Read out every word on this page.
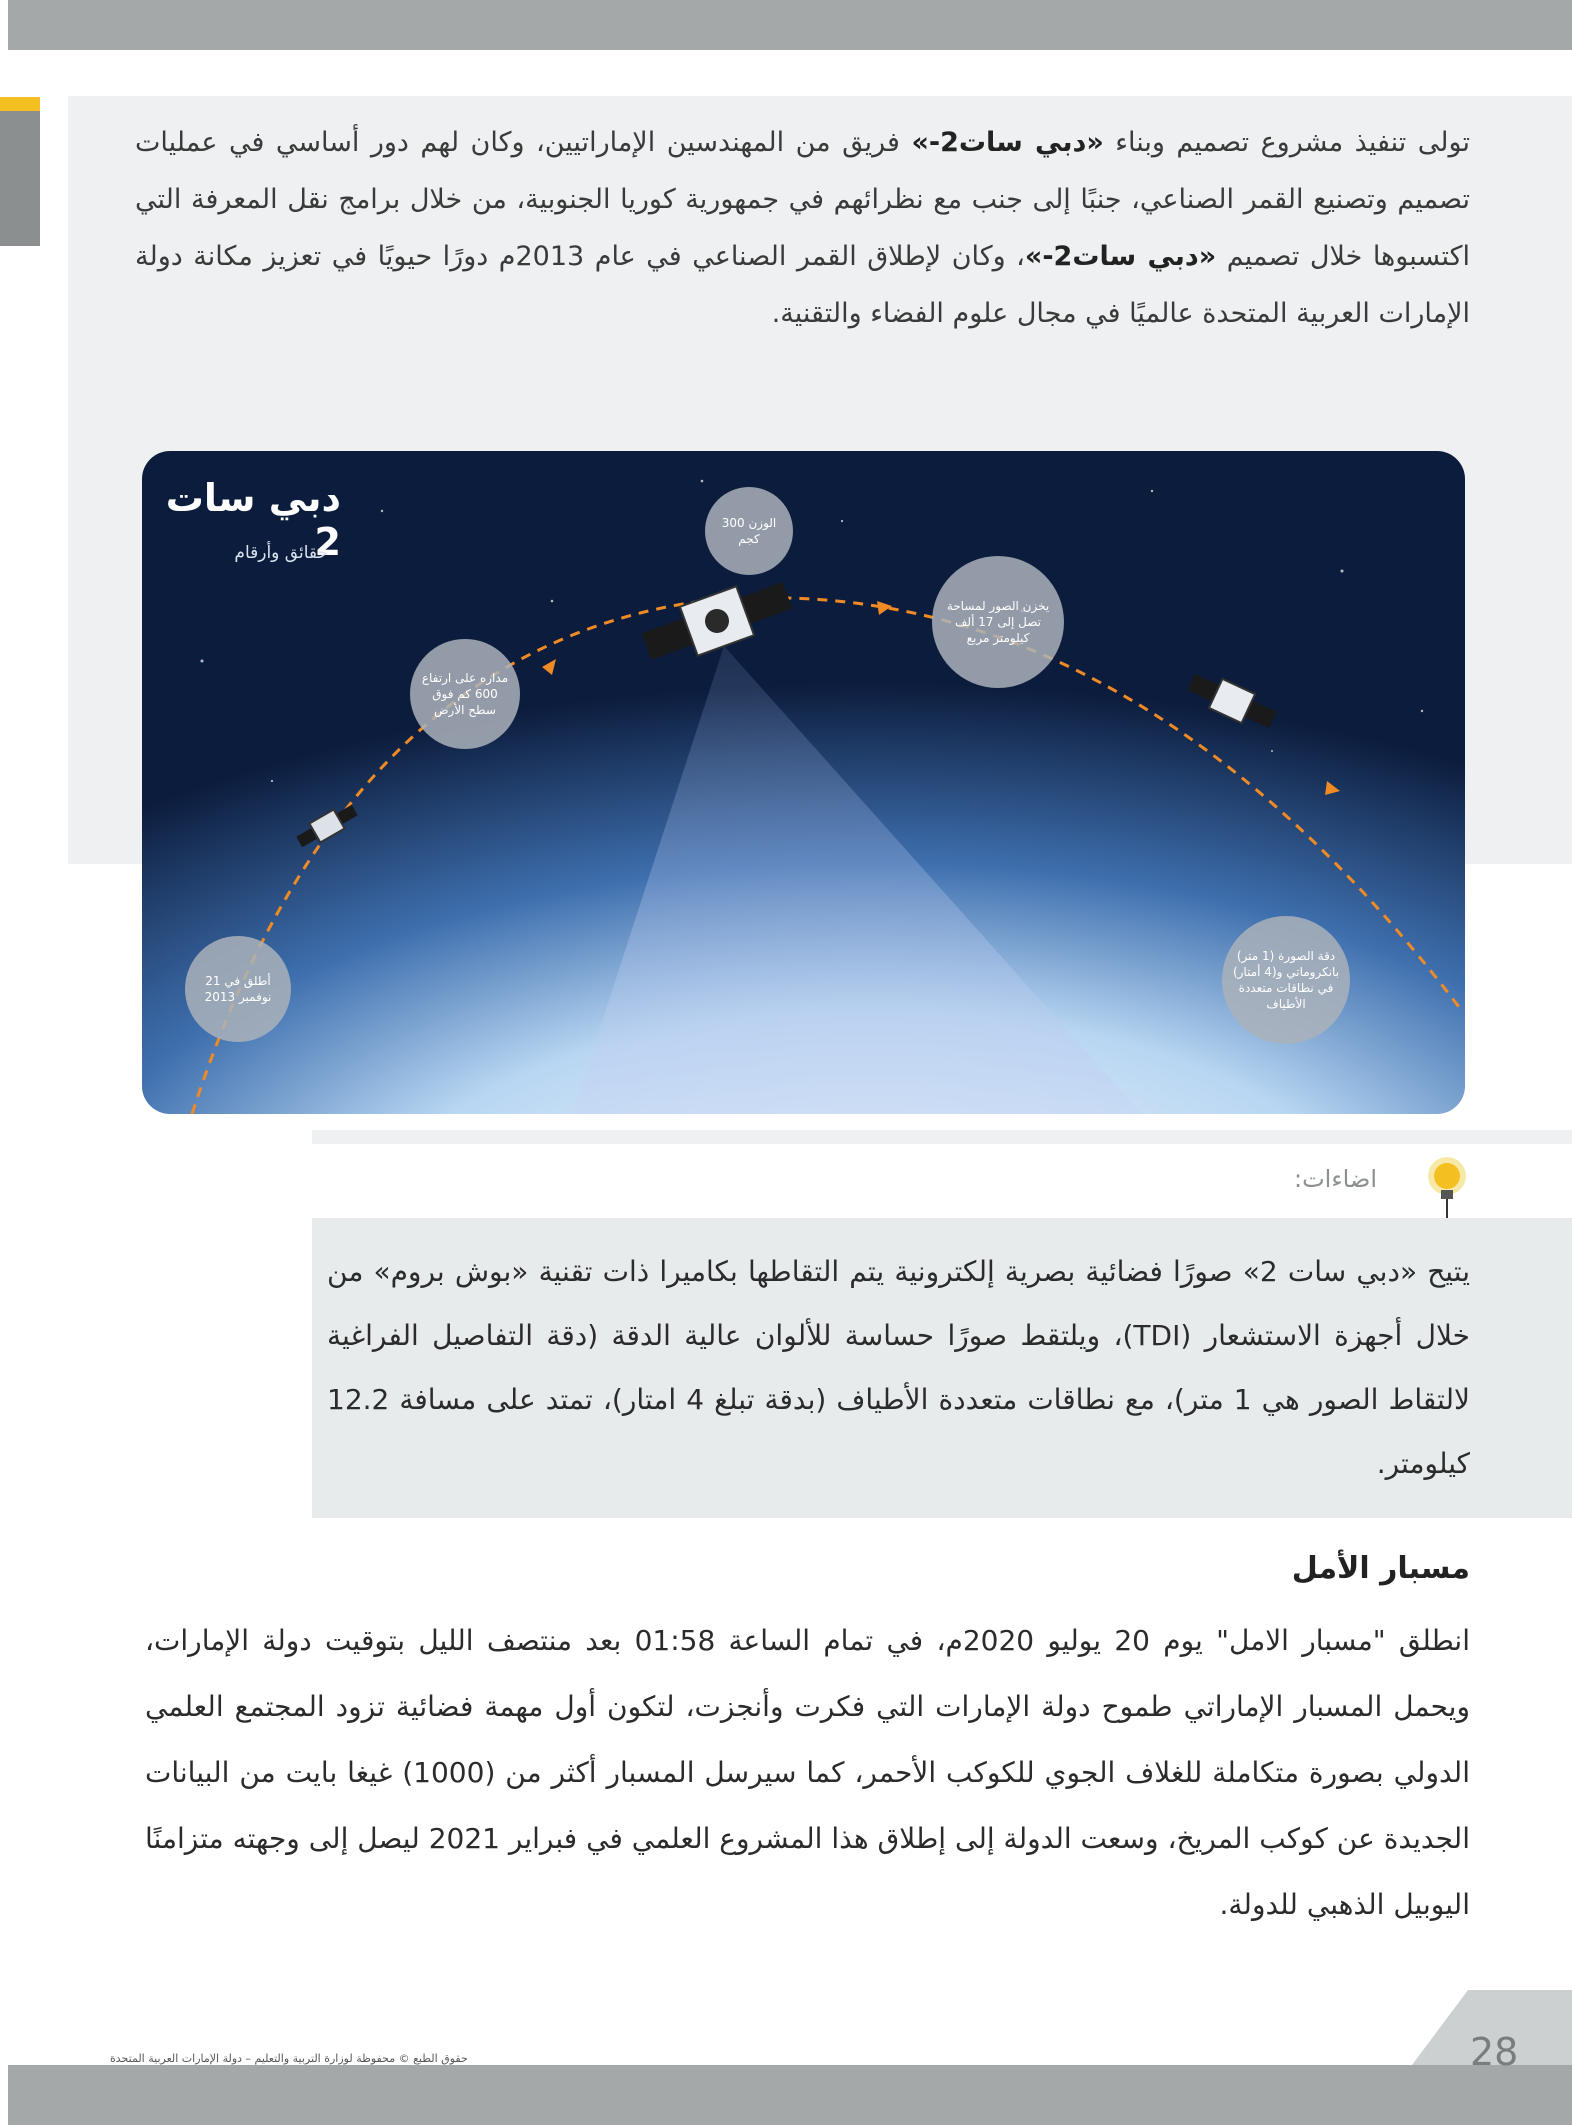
تولى تنفيذ مشروع تصميم وبناء «دبي سات2-» فريق من المهندسين الإماراتيين، وكان لهم دور أساسي في عمليات تصميم وتصنيع القمر الصناعي، جنبًا إلى جنب مع نظرائهم في جمهورية كوريا الجنوبية، من خلال برامج نقل المعرفة التي اكتسبوها خلال تصميم «دبي سات2-»، وكان لإطلاق القمر الصناعي في عام 2013م دورًا حيويًا في تعزيز مكانة دولة الإمارات العربية المتحدة عالميًا في مجال علوم الفضاء والتقنية.

دبي سات 2
حقائق وأرقام
أطلق في 21 نوفمبر 2013
مداره على ارتفاع 600 كم فوق سطح الأرض
الوزن 300 كجم
يخزن الصور لمساحة تصل إلى 17 ألف كيلومتر مربع
دقة الصورة (1 متر) بانكروماتي و(4 أمتار) في نطاقات متعددة الأطياف
اضاءات:

يتيح «دبي سات 2» صورًا فضائية بصرية إلكترونية يتم التقاطها بكاميرا ذات تقنية «بوش بروم» من خلال أجهزة الاستشعار (TDI)، ويلتقط صورًا حساسة للألوان عالية الدقة (دقة التفاصيل الفراغية لالتقاط الصور هي 1 متر)، مع نطاقات متعددة الأطياف (بدقة تبلغ 4 امتار)، تمتد على مسافة 12.2 كيلومتر.

مسبار الأمل

انطلق "مسبار الامل" يوم 20 يوليو 2020م، في تمام الساعة 01:58 بعد منتصف الليل بتوقيت دولة الإمارات، ويحمل المسبار الإماراتي طموح دولة الإمارات التي فكرت وأنجزت، لتكون أول مهمة فضائية تزود المجتمع العلمي الدولي بصورة متكاملة للغلاف الجوي للكوكب الأحمر، كما سيرسل المسبار أكثر من (1000) غيغا بايت من البيانات الجديدة عن كوكب المريخ، وسعت الدولة إلى إطلاق هذا المشروع العلمي في فبراير 2021 ليصل إلى وجهته متزامنًا اليوبيل الذهبي للدولة.

28
حقوق الطبع © محفوظة لوزارة التربية والتعليم – دولة الإمارات العربية المتحدة
